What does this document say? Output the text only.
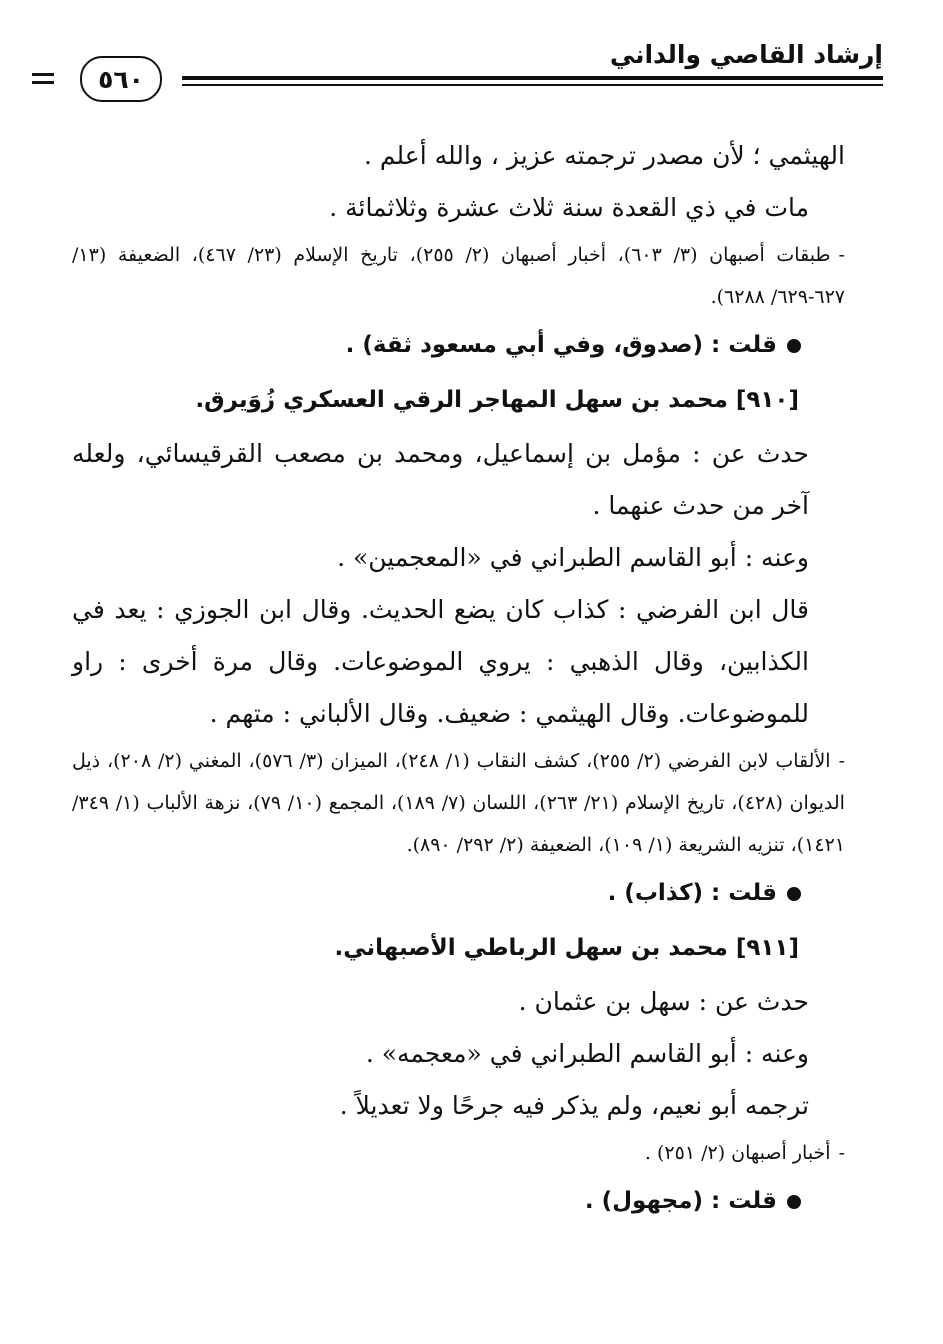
إرشاد القاصي والداني
٥٦٠
الهيثمي ؛ لأن مصدر ترجمته عزيز ، والله أعلم .
مات في ذي القعدة سنة ثلاث عشرة وثلاثمائة .
-طبقات أصبهان (٣/ ٦٠٣)، أخبار أصبهان (٢/ ٢٥٥)، تاريخ الإسلام (٢٣/ ٤٦٧)، الضعيفة (١٣/ ٦٢٧-٦٢٩/ ٦٢٨٨).
قلت : (صدوق، وفي أبي مسعود ثقة) .
[٩١٠] محمد بن سهل المهاجر الرقي العسكري زُوَيرق.
حدث عن : مؤمل بن إسماعيل، ومحمد بن مصعب القرقيسائي، ولعله آخر من حدث عنهما .
وعنه : أبو القاسم الطبراني في «المعجمين» .
قال ابن الفرضي : كذاب كان يضع الحديث. وقال ابن الجوزي : يعد في الكذابين، وقال الذهبي : يروي الموضوعات. وقال مرة أخرى : راو للموضوعات. وقال الهيثمي : ضعيف. وقال الألباني : متهم .
-الألقاب لابن الفرضي (٢/ ٢٥٥)، كشف النقاب (١/ ٢٤٨)، الميزان (٣/ ٥٧٦)، المغني (٢/ ٢٠٨)، ذيل الديوان (٤٢٨)، تاريخ الإسلام (٢١/ ٢٦٣)، اللسان (٧/ ١٨٩)، المجمع (١٠/ ٧٩)، نزهة الألباب (١/ ٣٤٩/ ١٤٢١)، تنزيه الشريعة (١/ ١٠٩)، الضعيفة (٢/ ٢٩٢/ ٨٩٠).
قلت : (كذاب) .
[٩١١] محمد بن سهل الرباطي الأصبهاني.
حدث عن : سهل بن عثمان .
وعنه : أبو القاسم الطبراني في «معجمه» .
ترجمه أبو نعيم، ولم يذكر فيه جرحًا ولا تعديلاً .
-أخبار أصبهان (٢/ ٢٥١) .
قلت : (مجهول) .
